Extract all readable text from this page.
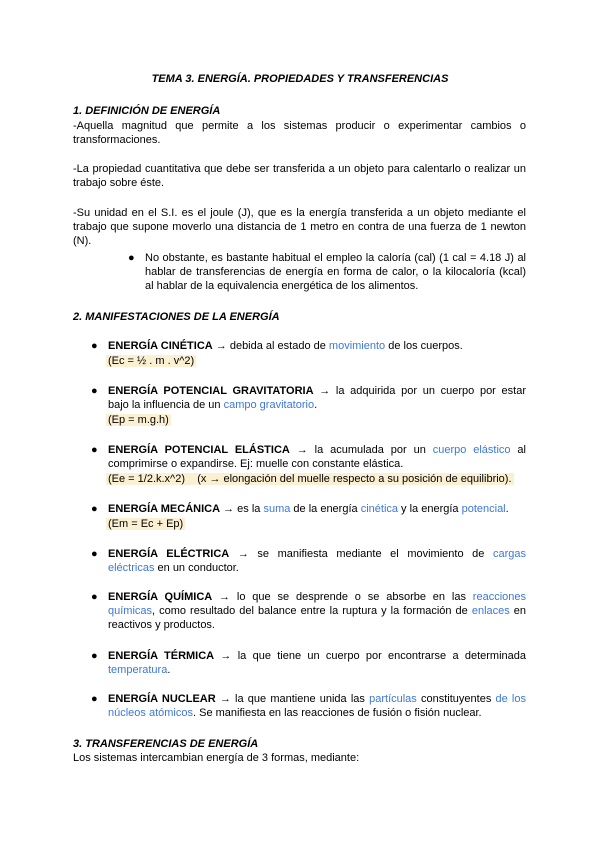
TEMA 3. ENERGÍA. PROPIEDADES Y TRANSFERENCIAS
1. DEFINICIÓN DE ENERGÍA
-Aquella magnitud que permite a los sistemas producir o experimentar cambios o
transformaciones.
-La propiedad cuantitativa que debe ser transferida a un objeto para calentarlo o realizar un
trabajo sobre éste.
-Su unidad en el S.I. es el joule (J), que es la energía transferida a un objeto mediante el
trabajo que supone moverlo una distancia de 1 metro en contra de una fuerza de 1 newton
(N).
● No obstante, es bastante habitual el empleo la caloría (cal) (1 cal = 4.18 J) al
hablar de transferencias de energía en forma de calor, o la kilocaloría (kcal)
al hablar de la equivalencia energética de los alimentos.
2. MANIFESTACIONES DE LA ENERGÍA
● ENERGÍA CINÉTICA → debida al estado de movimiento de los cuerpos.
(Ec = ½ . m . v^2)
● ENERGÍA POTENCIAL GRAVITATORIA → la adquirida por un cuerpo por estar
bajo la influencia de un campo gravitatorio.
(Ep = m.g.h)
● ENERGÍA POTENCIAL ELÁSTICA → la acumulada por un cuerpo elástico al
comprimirse o expandirse. Ej: muelle con constante elástica.
(Ee = 1/2.k.x^2)    (x → elongación del muelle respecto a su posición de equilibrio).
● ENERGÍA MECÁNICA → es la suma de la energía cinética y la energía potencial.
(Em = Ec + Ep)
● ENERGÍA ELÉCTRICA → se manifiesta mediante el movimiento de cargas
eléctricas en un conductor.
● ENERGÍA QUÍMICA → lo que se desprende o se absorbe en las reacciones
químicas, como resultado del balance entre la ruptura y la formación de enlaces en
reactivos y productos.
● ENERGÍA TÉRMICA → la que tiene un cuerpo por encontrarse a determinada
temperatura.
● ENERGÍA NUCLEAR → la que mantiene unida las partículas constituyentes de los
núcleos atómicos. Se manifiesta en las reacciones de fusión o fisión nuclear.
3. TRANSFERENCIAS DE ENERGÍA
Los sistemas intercambian energía de 3 formas, mediante:
